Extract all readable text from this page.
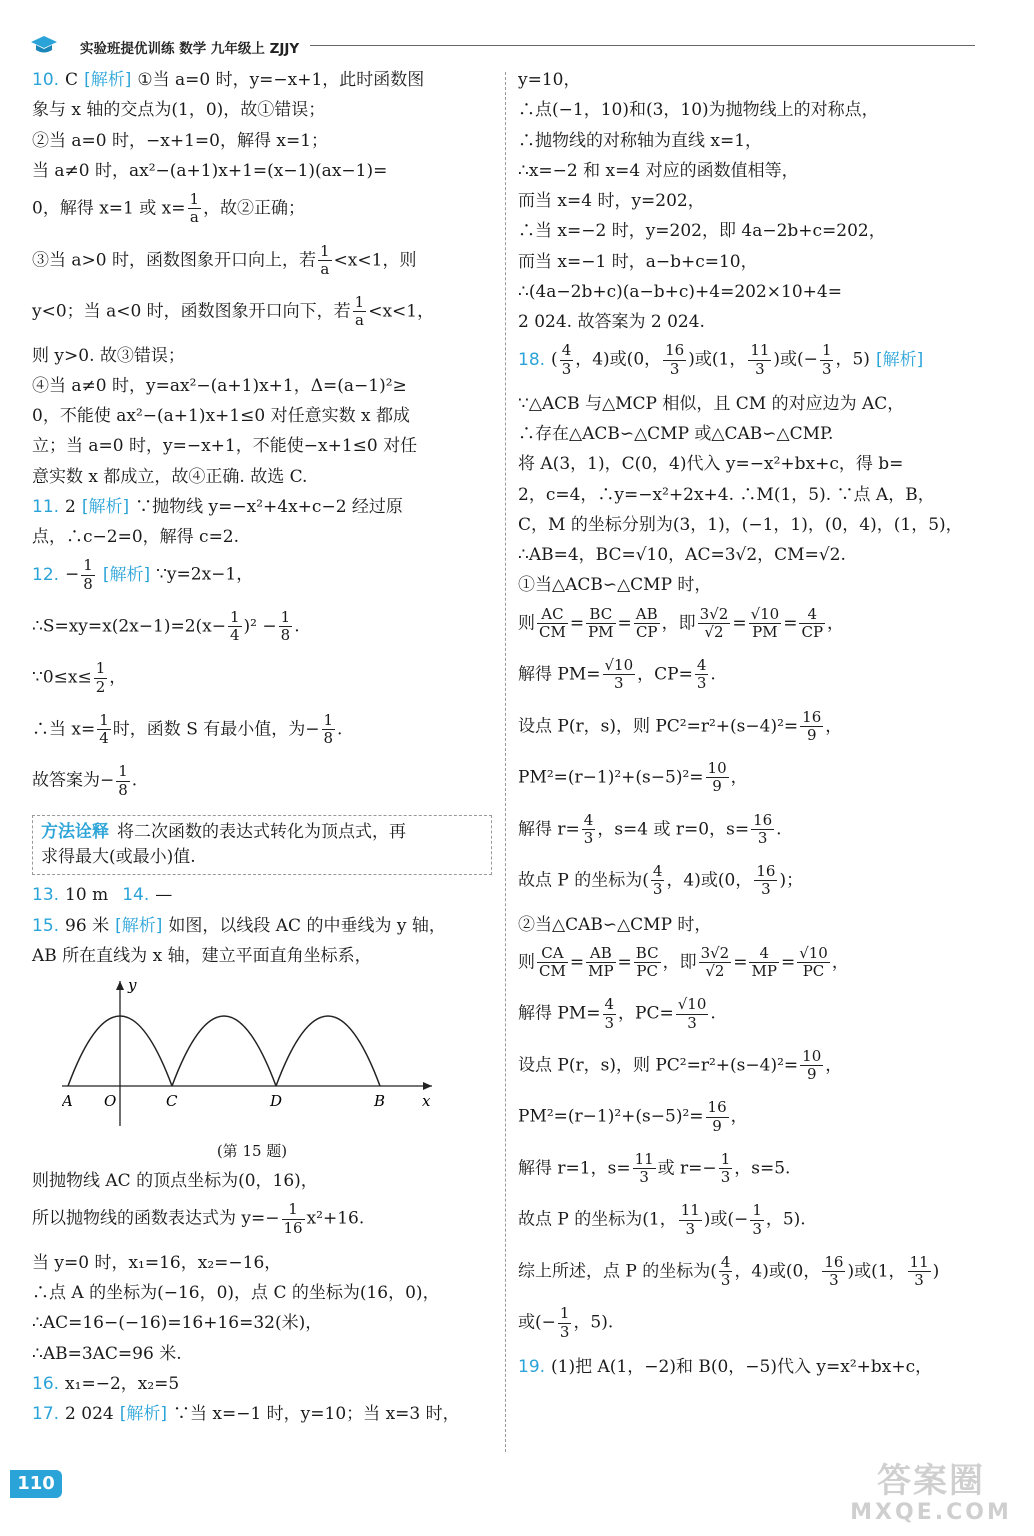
实验班提优训练 数学 九年级上 ZJJY
10. C [解析] ①当 a=0 时，y=−x+1，此时函数图
象与 x 轴的交点为(1，0)，故①错误；
②当 a=0 时，−x+1=0，解得 x=1；
当 a≠0 时，ax²−(a+1)x+1=(x−1)(ax−1)=
0，解得 x=1 或 $x= \frac{1}{a}$ ，故②正确；
③当 a>0 时，函数图象开口向上，若 $\frac{1}{a} <x<1$，则
y<0；当 a<0 时，函数图象开口向下，若 $\frac{1}{a} <x<1$，
则 y>0. 故③错误；
④当 a≠0 时，y=ax²−(a+1)x+1，Δ=(a−1)²≥
0，不能使 ax²−(a+1)x+1≤0 对任意实数 x 都成
立；当 a=0 时，y=−x+1，不能使−x+1≤0 对任
意实数 x 都成立，故④正确. 故选 C.
11. 2 [解析] ∵抛物线 y=−x²+4x+c−2 经过原
点，∴c−2=0，解得 c=2.
12. − $\frac{1}{8}$ [解析] ∵y=2x−1，
∴S=xy=x(2x−1)=2(x− $\frac{1}{4} )^2 - \frac{1}{8}$ .
∵0≤x≤ $\frac{1}{2}$ ，
∴当 $x= \frac{1}{4}$ 时，函数 S 有最小值，为− $\frac{1}{8}$ .
故答案为− $\frac{1}{8}$ .
方法诠释 将二次函数的表达式转化为顶点式，再
求得最大(或最小)值.
13. 10 m 14. —
15. 96 米 [解析] 如图，以线段 AC 的中垂线为 y 轴，
AB 所在直线为 x 轴，建立平面直角坐标系，
y
x
A O	C	D	B
(第 15 题)
则抛物线 AC 的顶点坐标为(0，16)，
所以抛物线的函数表达式为 $y=- \frac{1}{16} x^2+16$.
当 y=0 时，x₁=16，x₂=−16，
∴点 A 的坐标为(−16，0)，点 C 的坐标为(16，0)，
∴AC=16−(−16)=16+16=32(米)，
∴AB=3AC=96 米.
16. x₁=−2，x₂=5
17. 2 024 [解析] ∵当 x=−1 时，y=10；当 x=3 时，
y=10，
∴点(−1，10)和(3，10)为抛物线上的对称点，
∴抛物线的对称轴为直线 x=1，
∴x=−2 和 x=4 对应的函数值相等，
而当 x=4 时，y=202，
∴当 x=−2 时，y=202，即 4a−2b+c=202，
而当 x=−1 时，a−b+c=10，
∴(4a−2b+c)(a−b+c)+4=202×10+4=
2 024. 故答案为 2 024.
18. ( $\frac{4}{3}$ ，4)或(0， $\frac{16}{3}$ )或(1， $\frac{11}{3}$ )或(− $\frac{1}{3}$ ，5) [解析]
∵△ACB 与△MCP 相似，且 CM 的对应边为 AC，
∴存在△ACB∽△CMP 或△CAB∽△CMP.
将 A(3，1)，C(0，4)代入 y=−x²+bx+c，得 b=
2，c=4，∴y=−x²+2x+4. ∴M(1，5). ∵点 A，B，
C，M 的坐标分别为(3，1)，(−1，1)，(0，4)，(1，5)，
∴AB=4，BC=√10，AC=3√2，CM=√2.
①当△ACB∽△CMP 时，
则 $\frac{AC}{CM} = \frac{BC}{PM} = \frac{AB}{CP}$ ，即 $\frac{3√2}{√2} = \frac{√10}{PM} = \frac{4}{CP}$ ，
解得 $PM= \frac{√10}{3}$ ，$CP= \frac{4}{3}$ .
设点 P(r，s)，则 $PC^2=r^2+(s-4)^2= \frac{16}{9}$ ，
$PM^2=(r-1)^2+(s-5)^2= \frac{10}{9}$ ，
解得 $r= \frac{4}{3}$ ，s=4 或 r=0，$s= \frac{16}{3}$ .
故点 P 的坐标为( $\frac{4}{3}$ ，4)或(0， $\frac{16}{3}$ )；
②当△CAB∽△CMP 时，
则 $\frac{CA}{CM} = \frac{AB}{MP} = \frac{BC}{PC}$ ，即 $\frac{3√2}{√2} = \frac{4}{MP} = \frac{√10}{PC}$ ，
解得 $PM= \frac{4}{3}$ ，$PC= \frac{√10}{3}$ .
设点 P(r，s)，则 $PC^2=r^2+(s-4)^2= \frac{10}{9}$ ，
$PM^2=(r-1)^2+(s-5)^2= \frac{16}{9}$ ，
解得 r=1，$s= \frac{11}{3}$ 或 $r=- \frac{1}{3}$ ，s=5.
故点 P 的坐标为(1， $\frac{11}{3}$ )或(− $\frac{1}{3}$ ，5).
综上所述，点 P 的坐标为( $\frac{4}{3}$ ，4)或(0， $\frac{16}{3}$ )或(1， $\frac{11}{3}$ )
或(− $\frac{1}{3}$ ，5).
19. (1)把 A(1，−2)和 B(0，−5)代入 y=x²+bx+c，
110	答案圈
MXQE.COM
